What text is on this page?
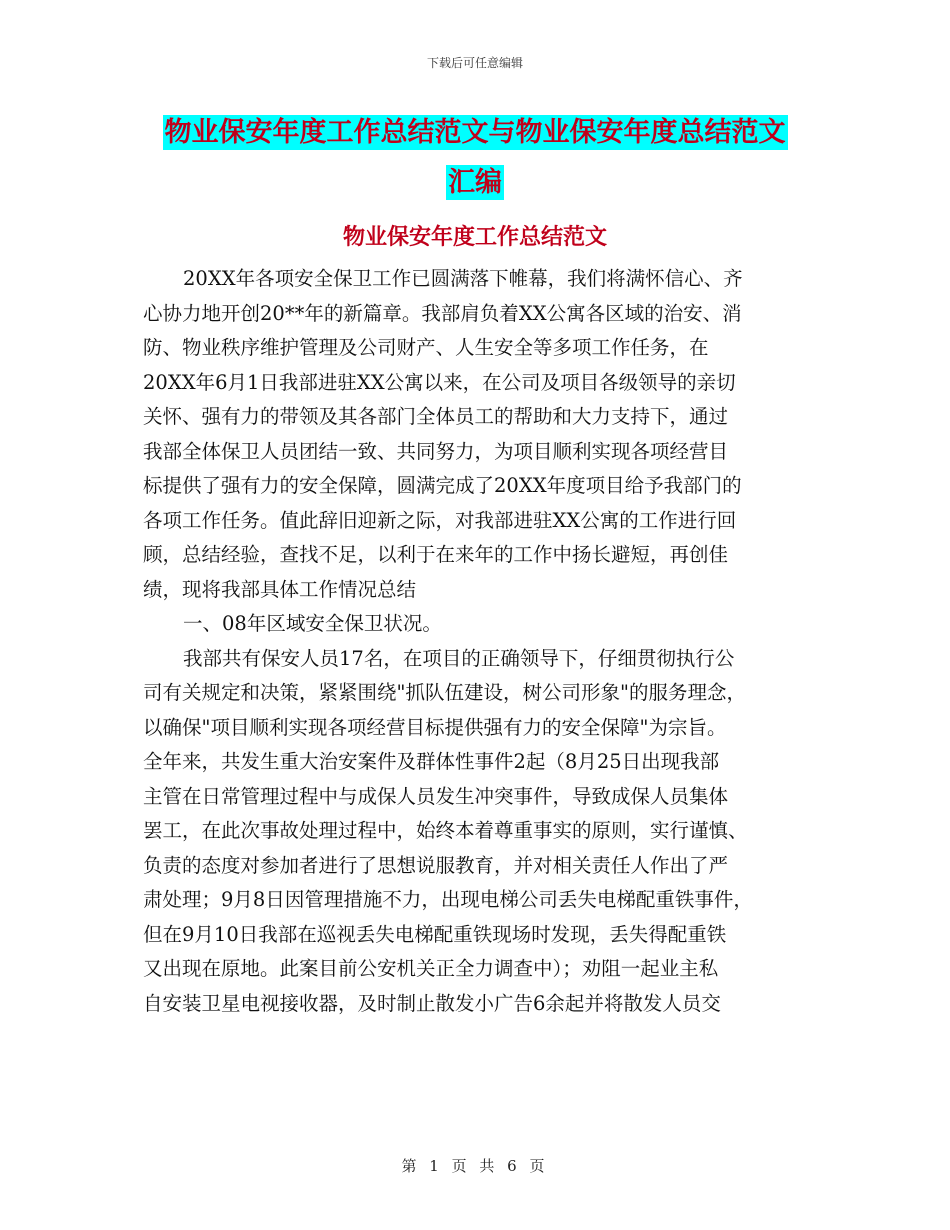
下载后可任意编辑
物业保安年度工作总结范文与物业保安年度总结范文
汇编
物业保安年度工作总结范文
20XX年各项安全保卫工作已圆满落下帷幕，我们将满怀信心、齐
心协力地开创20**年的新篇章。我部肩负着XX公寓各区域的治安、消
防、物业秩序维护管理及公司财产、人生安全等多项工作任务，在
20XX年6月1日我部进驻XX公寓以来，在公司及项目各级领导的亲切
关怀、强有力的带领及其各部门全体员工的帮助和大力支持下，通过
我部全体保卫人员团结一致、共同努力，为项目顺利实现各项经营目
标提供了强有力的安全保障，圆满完成了20XX年度项目给予我部门的
各项工作任务。值此辞旧迎新之际，对我部进驻XX公寓的工作进行回
顾，总结经验，查找不足，以利于在来年的工作中扬长避短，再创佳
绩，现将我部具体工作情况总结
一、08年区域安全保卫状况。
我部共有保安人员17名，在项目的正确领导下，仔细贯彻执行公
司有关规定和决策，紧紧围绕"抓队伍建设，树公司形象"的服务理念，
以确保"项目顺利实现各项经营目标提供强有力的安全保障"为宗旨。
全年来，共发生重大治安案件及群体性事件2起（8月25日出现我部
主管在日常管理过程中与成保人员发生冲突事件，导致成保人员集体
罢工，在此次事故处理过程中，始终本着尊重事实的原则，实行谨慎、
负责的态度对参加者进行了思想说服教育，并对相关责任人作出了严
肃处理；9月8日因管理措施不力，出现电梯公司丢失电梯配重铁事件，
但在9月10日我部在巡视丢失电梯配重铁现场时发现，丢失得配重铁
又出现在原地。此案目前公安机关正全力调查中）；劝阻一起业主私
自安装卫星电视接收器，及时制止散发小广告6余起并将散发人员交
第 1 页 共 6 页
